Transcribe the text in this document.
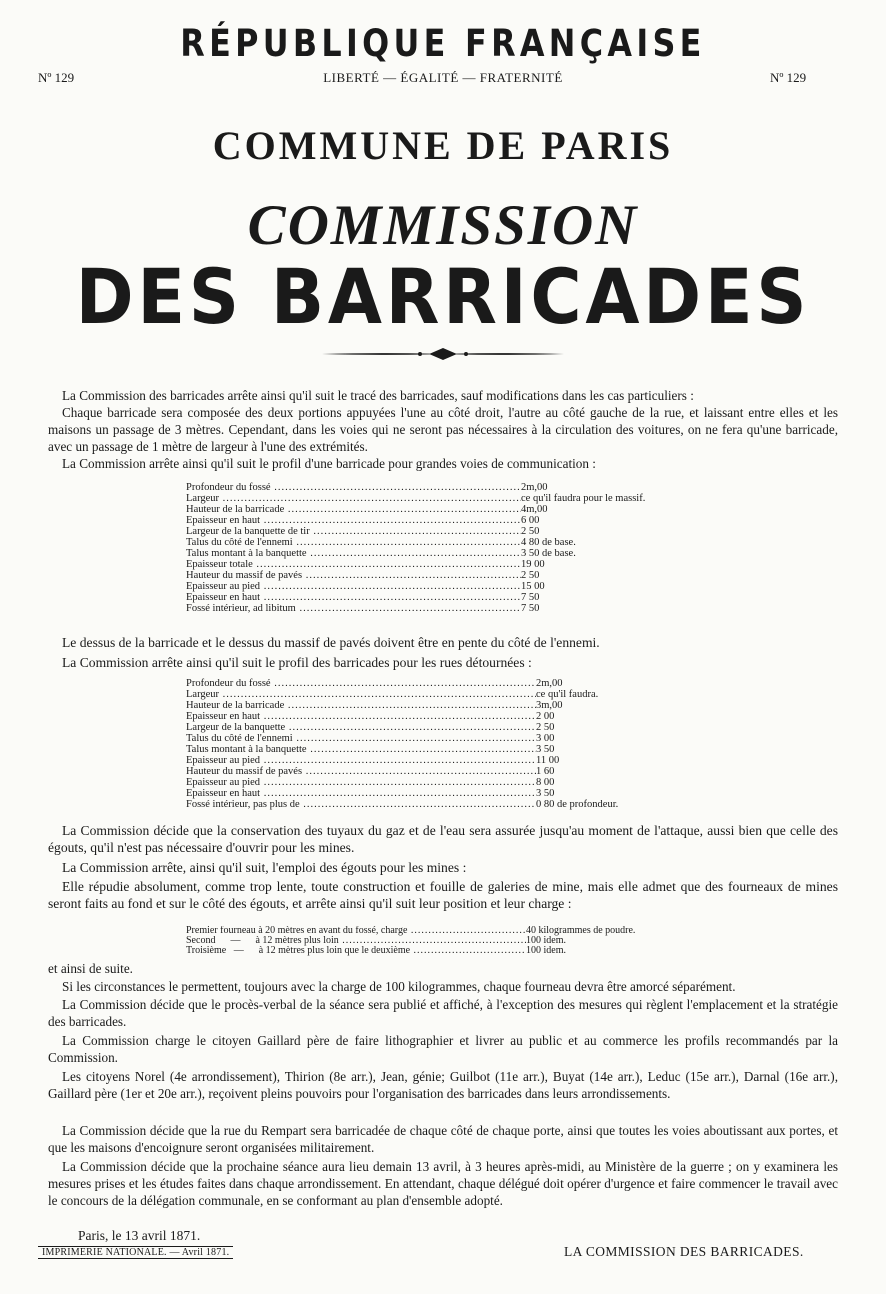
Nº 129	Nº 129
RÉPUBLIQUE FRANÇAISE
LIBERTÉ — ÉGALITÉ — FRATERNITÉ
COMMUNE DE PARIS
COMMISSION
DES BARRICADES
La Commission des barricades arrête ainsi qu'il suit le tracé des barricades, sauf modifications dans les cas particuliers :
Chaque barricade sera composée des deux portions appuyées l'une au côté droit, l'autre au côté gauche de la rue, et laissant entre elles et les maisons un passage de 3 mètres. Cependant, dans les voies qui ne seront pas nécessaires à la circulation des voitures, on ne fera qu'une barricade, avec un passage de 1 mètre de largeur à l'une des extrémités.
La Commission arrête ainsi qu'il suit le profil d'une barricade pour grandes voies de communication :
Profondeur du fossé .....	2m,00
Largeur .....	ce qu'il faudra pour le massif.
Hauteur de la barricade .....	4m,00
Epaisseur en haut .....	6 00
Largeur de la banquette de tir .....	2 50
Talus du côté de l'ennemi .....	4 80 de base.
Talus montant à la banquette .....	3 50 de base.
Epaisseur totale .....	19 00
Hauteur du massif de pavés .....	2 50
Epaisseur au pied .....	15 00
Epaisseur en haut .....	7 50
Fossé intérieur, ad libitum .....	7 50
Le dessus de la barricade et le dessus du massif de pavés doivent être en pente du côté de l'ennemi.
La Commission arrête ainsi qu'il suit le profil des barricades pour les rues détournées :
Profondeur du fossé .....	2m,00
Largeur .....	ce qu'il faudra.
Hauteur de la barricade .....	3m,00
Epaisseur en haut .....	2 00
Largeur de la banquette .....	2 50
Talus du côté de l'ennemi .....	3 00
Talus montant à la banquette .....	3 50
Epaisseur au pied .....	11 00
Hauteur du massif de pavés .....	1 60
Epaisseur au pied .....	8 00
Epaisseur en haut .....	3 50
Fossé intérieur, pas plus de .....	0 80 de profondeur.
La Commission décide que la conservation des tuyaux du gaz et de l'eau sera assurée jusqu'au moment de l'attaque, aussi bien que celle des égouts, qu'il n'est pas nécessaire d'ouvrir pour les mines.
La Commission arrête, ainsi qu'il suit, l'emploi des égouts pour les mines :
Elle répudie absolument, comme trop lente, toute construction et fouille de galeries de mine, mais elle admet que des fourneaux de mines seront faits au fond et sur le côté des égouts, et arrête ainsi qu'il suit leur position et leur charge :
Premier fourneau à 20 mètres en avant du fossé, charge .....	40 kilogrammes de poudre.
Second      —      à 12 mètres plus loin .....	100 idem.
Troisième   —      à 12 mètres plus loin que le deuxième .....	100 idem.
et ainsi de suite.
Si les circonstances le permettent, toujours avec la charge de 100 kilogrammes, chaque fourneau devra être amorcé séparément.
La Commission décide que le procès-verbal de la séance sera publié et affiché, à l'exception des mesures qui règlent l'emplacement et la stratégie des barricades.
La Commission charge le citoyen Gaillard père de faire lithographier et livrer au public et au commerce les profils recommandés par la Commission.
Les citoyens Norel (4e arrondissement), Thirion (8e arr.), Jean, génie; Guilbot (11e arr.), Buyat (14e arr.), Leduc (15e arr.), Darnal (16e arr.), Gaillard père (1er et 20e arr.), reçoivent pleins pouvoirs pour l'organisation des barricades dans leurs arrondissements.
La Commission décide que la rue du Rempart sera barricadée de chaque côté de chaque porte, ainsi que toutes les voies aboutissant aux portes, et que les maisons d'encoignure seront organisées militairement.
La Commission décide que la prochaine séance aura lieu demain 13 avril, à 3 heures après-midi, au Ministère de la guerre ; on y examinera les mesures prises et les études faites dans chaque arrondissement. En attendant, chaque délégué doit opérer d'urgence et faire commencer le travail avec le concours de la délégation communale, en se conformant au plan d'ensemble adopté.
Paris, le 13 avril 1871.
IMPRIMERIE NATIONALE. — Avril 1871.	LA COMMISSION DES BARRICADES.
